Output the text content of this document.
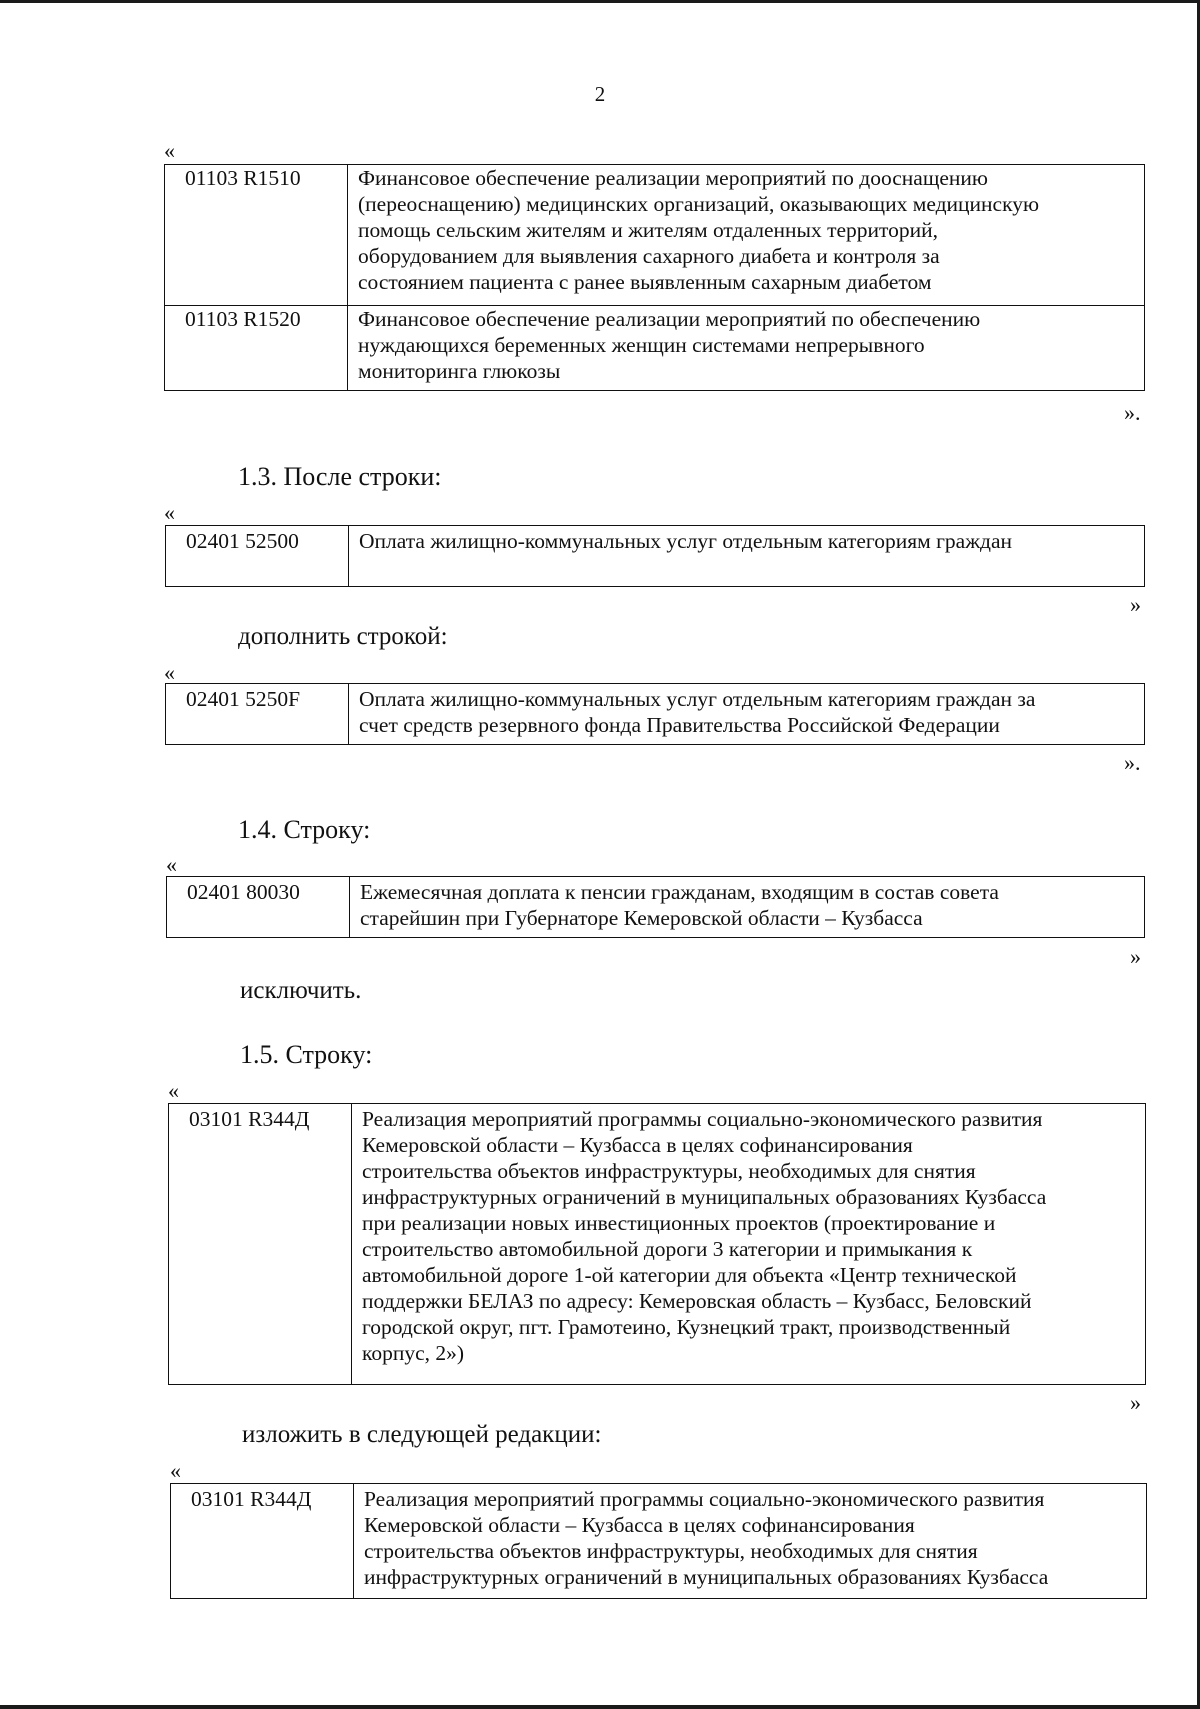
2
«
01103 R1510	Финансовое обеспечение реализации мероприятий по дооснащению
(переоснащению) медицинских организаций, оказывающих медицинскую
помощь сельским жителям и жителям отдаленных территорий,
оборудованием для выявления сахарного диабета и контроля за
состоянием пациента с ранее выявленным сахарным диабетом

01103 R1520	Финансовое обеспечение реализации мероприятий по обеспечению
нуждающихся беременных женщин системами непрерывного
мониторинга глюкозы
».
1.3. После строки:
«
02401 52500	Оплата жилищно-коммунальных услуг отдельным категориям граждан
»
дополнить строкой:
«
02401 5250F	Оплата жилищно-коммунальных услуг отдельным категориям граждан за
счет средств резервного фонда Правительства Российской Федерации
».
1.4. Строку:
«
02401 80030	Ежемесячная доплата к пенсии гражданам, входящим в состав совета
старейшин при Губернаторе Кемеровской области – Кузбасса
»
исключить.
1.5. Строку:
«
03101 R344Д	Реализация мероприятий программы социально-экономического развития
Кемеровской области – Кузбасса в целях софинансирования
строительства объектов инфраструктуры, необходимых для снятия
инфраструктурных ограничений в муниципальных образованиях Кузбасса
при реализации новых инвестиционных проектов (проектирование и
строительство автомобильной дороги 3 категории и примыкания к
автомобильной дороге 1-ой категории для объекта «Центр технической
поддержки БЕЛАЗ по адресу: Кемеровская область – Кузбасс, Беловский
городской округ, пгт. Грамотеино, Кузнецкий тракт, производственный
корпус, 2»)
»
изложить в следующей редакции:
«
03101 R344Д	Реализация мероприятий программы социально-экономического развития
Кемеровской области – Кузбасса в целях софинансирования
строительства объектов инфраструктуры, необходимых для снятия
инфраструктурных ограничений в муниципальных образованиях Кузбасса
